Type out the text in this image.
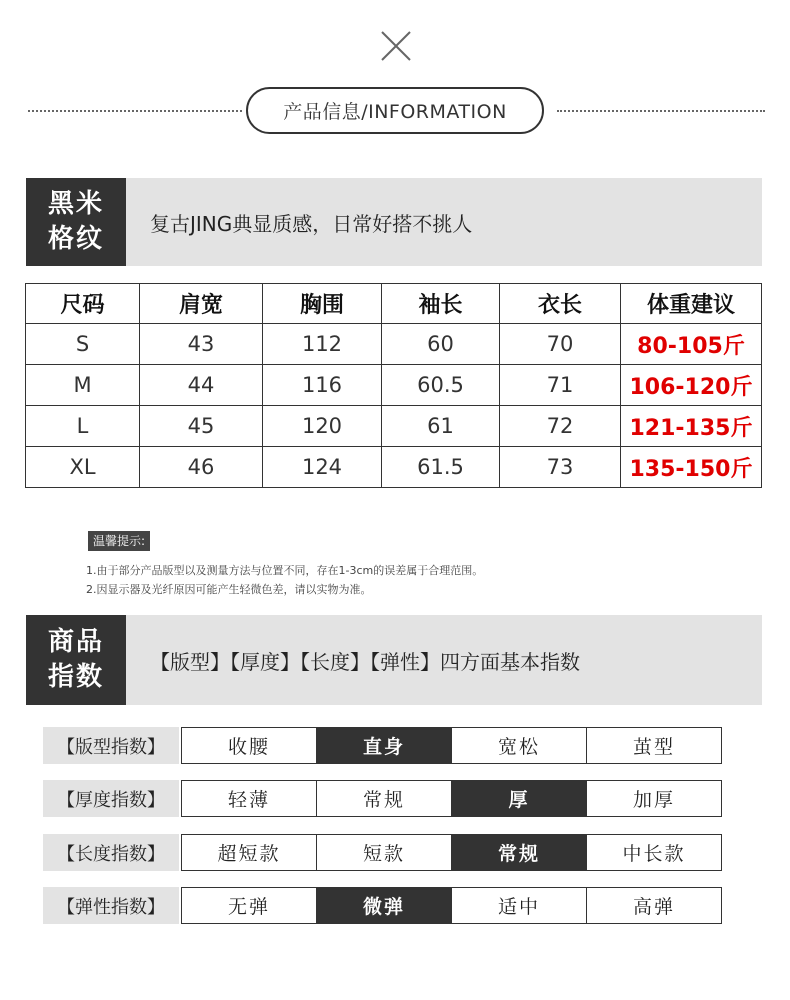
产品信息/INFORMATION
黑米
格纹
复古JING典显质感，日常好搭不挑人
尺码	肩宽	胸围	袖长	衣长	体重建议
S	43	112	60	70	80-105斤
M	44	116	60.5	71	106-120斤
L	45	120	61	72	121-135斤
XL	46	124	61.5	73	135-150斤
温馨提示:
1.由于部分产品版型以及测量方法与位置不同，存在1-3cm的误差属于合理范围。
2.因显示器及光纤原因可能产生轻微色差，请以实物为准。
商品
指数
【版型】【厚度】【长度】【弹性】四方面基本指数
【版型指数】	收腰	直身	宽松	茧型
【厚度指数】	轻薄	常规	厚	加厚
【长度指数】	超短款	短款	常规	中长款
【弹性指数】	无弹	微弹	适中	高弹
